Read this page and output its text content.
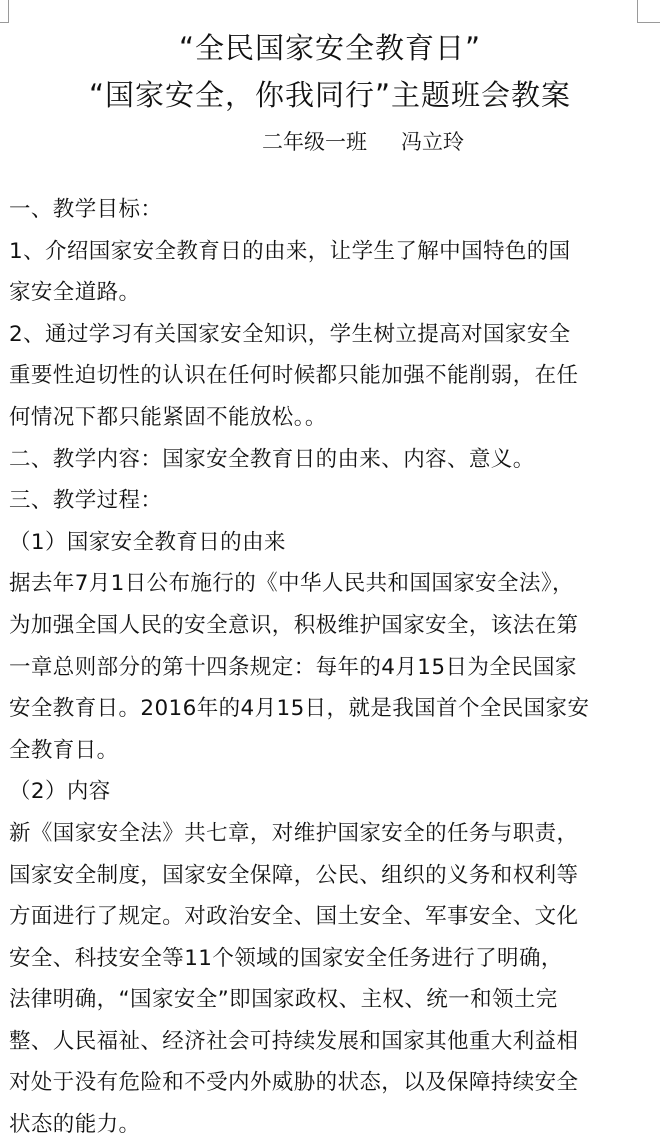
“全民国家安全教育日”
“国家安全，你我同行”主题班会教案
二年级一班 冯立玲
一、教学目标：
1、介绍国家安全教育日的由来，让学生了解中国特色的国
家安全道路。
2、通过学习有关国家安全知识，学生树立提高对国家安全
重要性迫切性的认识在任何时候都只能加强不能削弱，在任
何情况下都只能紧固不能放松。。
二、教学内容：国家安全教育日的由来、内容、意义。
三、教学过程：
（1）国家安全教育日的由来
据去年7月1日公布施行的《中华人民共和国国家安全法》，
为加强全国人民的安全意识，积极维护国家安全，该法在第
一章总则部分的第十四条规定：每年的4月15日为全民国家
安全教育日。2016年的4月15日，就是我国首个全民国家安
全教育日。
（2）内容
新《国家安全法》共七章，对维护国家安全的任务与职责，
国家安全制度，国家安全保障，公民、组织的义务和权利等
方面进行了规定。对政治安全、国土安全、军事安全、文化
安全、科技安全等11个领域的国家安全任务进行了明确，
法律明确，“国家安全”即国家政权、主权、统一和领土完
整、人民福祉、经济社会可持续发展和国家其他重大利益相
对处于没有危险和不受内外威胁的状态，以及保障持续安全
状态的能力。
